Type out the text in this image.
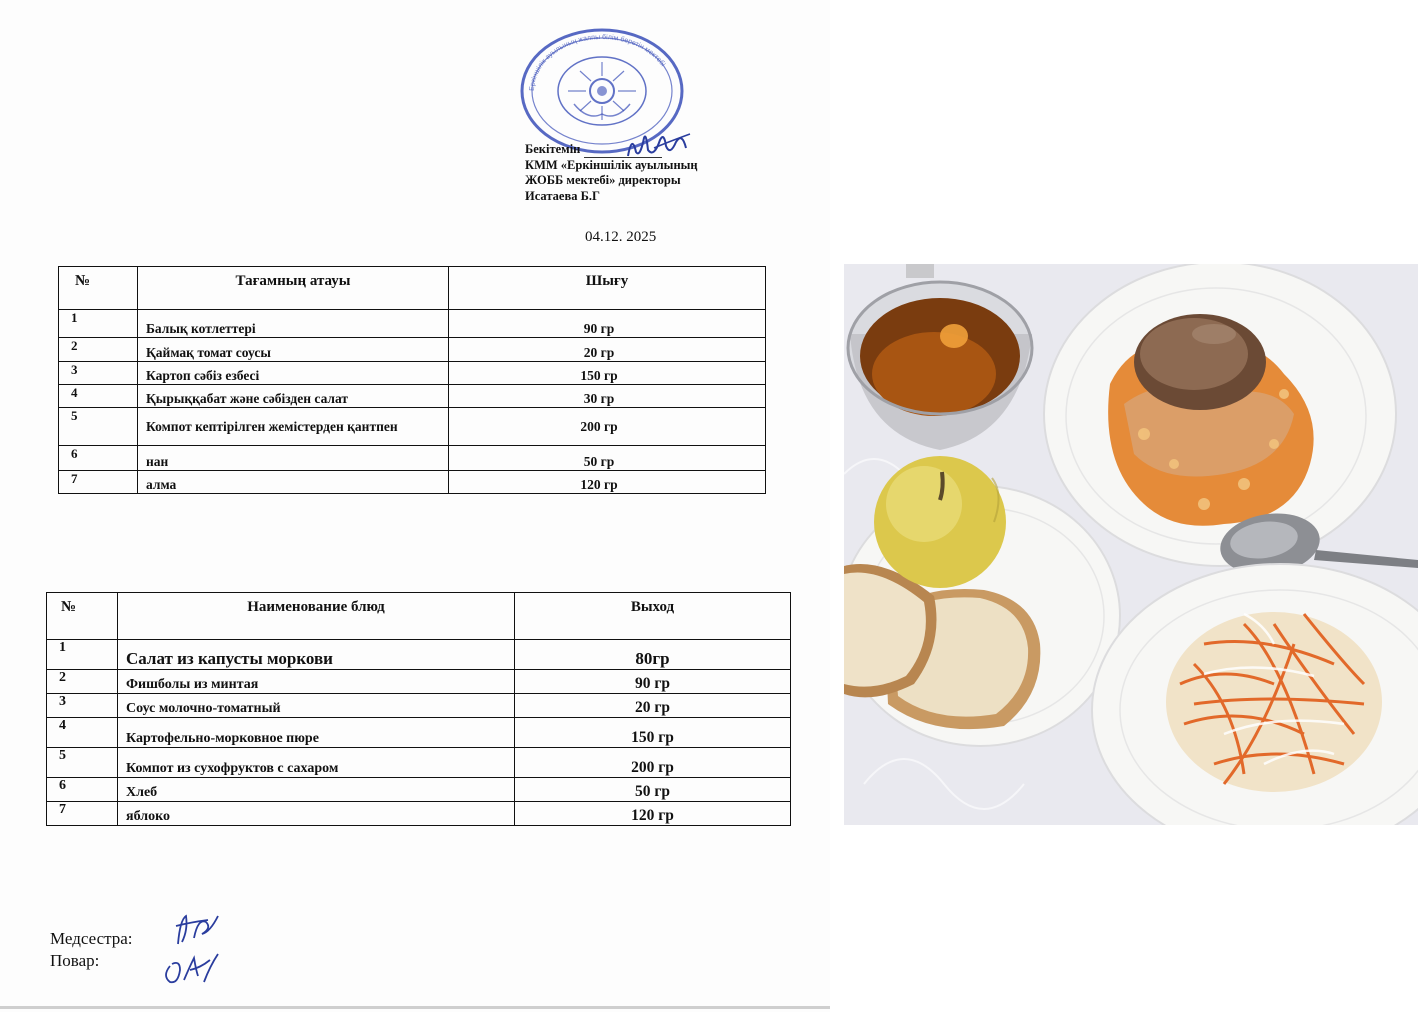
Еркіншілік ауылының жалпы білім беретін мектебі
Бекітемін
КММ «Еркіншілік ауылының
ЖОББ мектебі» директоры
Исатаева Б.Г
04.12. 2025
№	Тағамның атауы	Шығу
1	Балық котлеттері	90 гр
2	Қаймақ томат соусы	20 гр
3	Картоп сәбіз езбесі	150 гр
4	Қырыққабат және сәбізден салат	30 гр
5	Компот кептірілген жемістерден қантпен	200 гр
6	нан	50 гр
7	алма	120 гр
№	Наименование блюд	Выход
1	Салат из капусты моркови	80гр
2	Фишболы из минтая	90 гр
3	Соус молочно-томатный	20 гр
4	Картофельно-морковное пюре	150 гр
5	Компот из сухофруктов с сахаром	200 гр
6	Хлеб	50 гр
7	яблоко	120 гр
Медсестра:
Повар:
